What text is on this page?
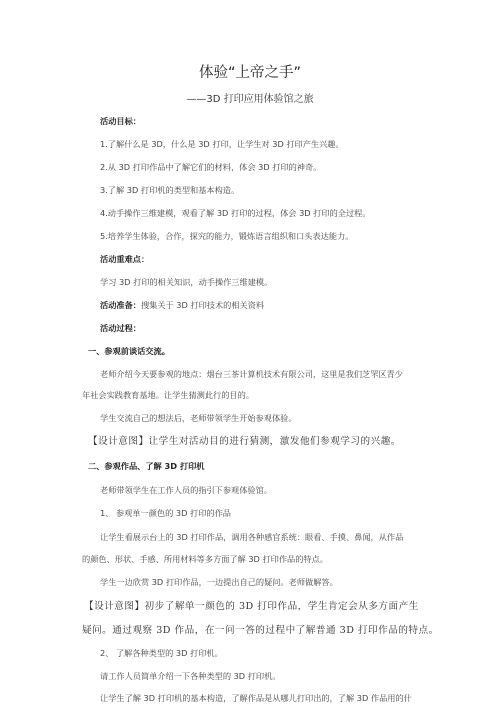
体验“上帝之手”
——3D 打印应用体验馆之旅
活动目标：
1.了解什么是 3D，什么是 3D 打印，让学生对 3D 打印产生兴趣。
2.从 3D 打印作品中了解它们的材料，体会 3D 打印的神奇。
3.了解 3D 打印机的类型和基本构造。
4.动手操作三维建模，观看了解 3D 打印的过程，体会 3D 打印的全过程。
5.培养学生体验，合作，探究的能力，锻炼语言组织和口头表达能力。
活动重难点：
学习 3D 打印的相关知识，动手操作三维建模。
活动准备：搜集关于 3D 打印技术的相关资料
活动过程：
一、参观前谈话交流。
老师介绍今天要参观的地点：烟台三茶计算机技术有限公司，这里是我们芝罘区青少
年社会实践教育基地。让学生猜测此行的目的。
学生交流自己的想法后，老师带领学生开始参观体验。
【设计意图】让学生对活动目的进行猜测，激发他们参观学习的兴趣。
二、参观作品、了解 3D 打印机
老师带领学生在工作人员的指引下参观体验馆。
1、 参观单一颜色的 3D 打印的作品
让学生看展示台上的 3D 打印作品，调用各种感官系统：眼看、手摸、鼻闻，从作品
的颜色、形状、手感、所用材料等多方面了解 3D 打印作品的特点。
学生一边欣赏 3D 打印作品，一边提出自己的疑问。老师做解答。
【设计意图】初步了解单一颜色的 3D 打印作品，学生肯定会从多方面产生
疑问。通过观察 3D 作品，在一问一答的过程中了解普通 3D 打印作品的特点。
2、 了解各种类型的 3D 打印机。
请工作人员简单介绍一下各种类型的 3D 打印机。
让学生了解 3D 打印机的基本构造，了解作品是从哪儿打印出的，了解 3D 作品用的什
